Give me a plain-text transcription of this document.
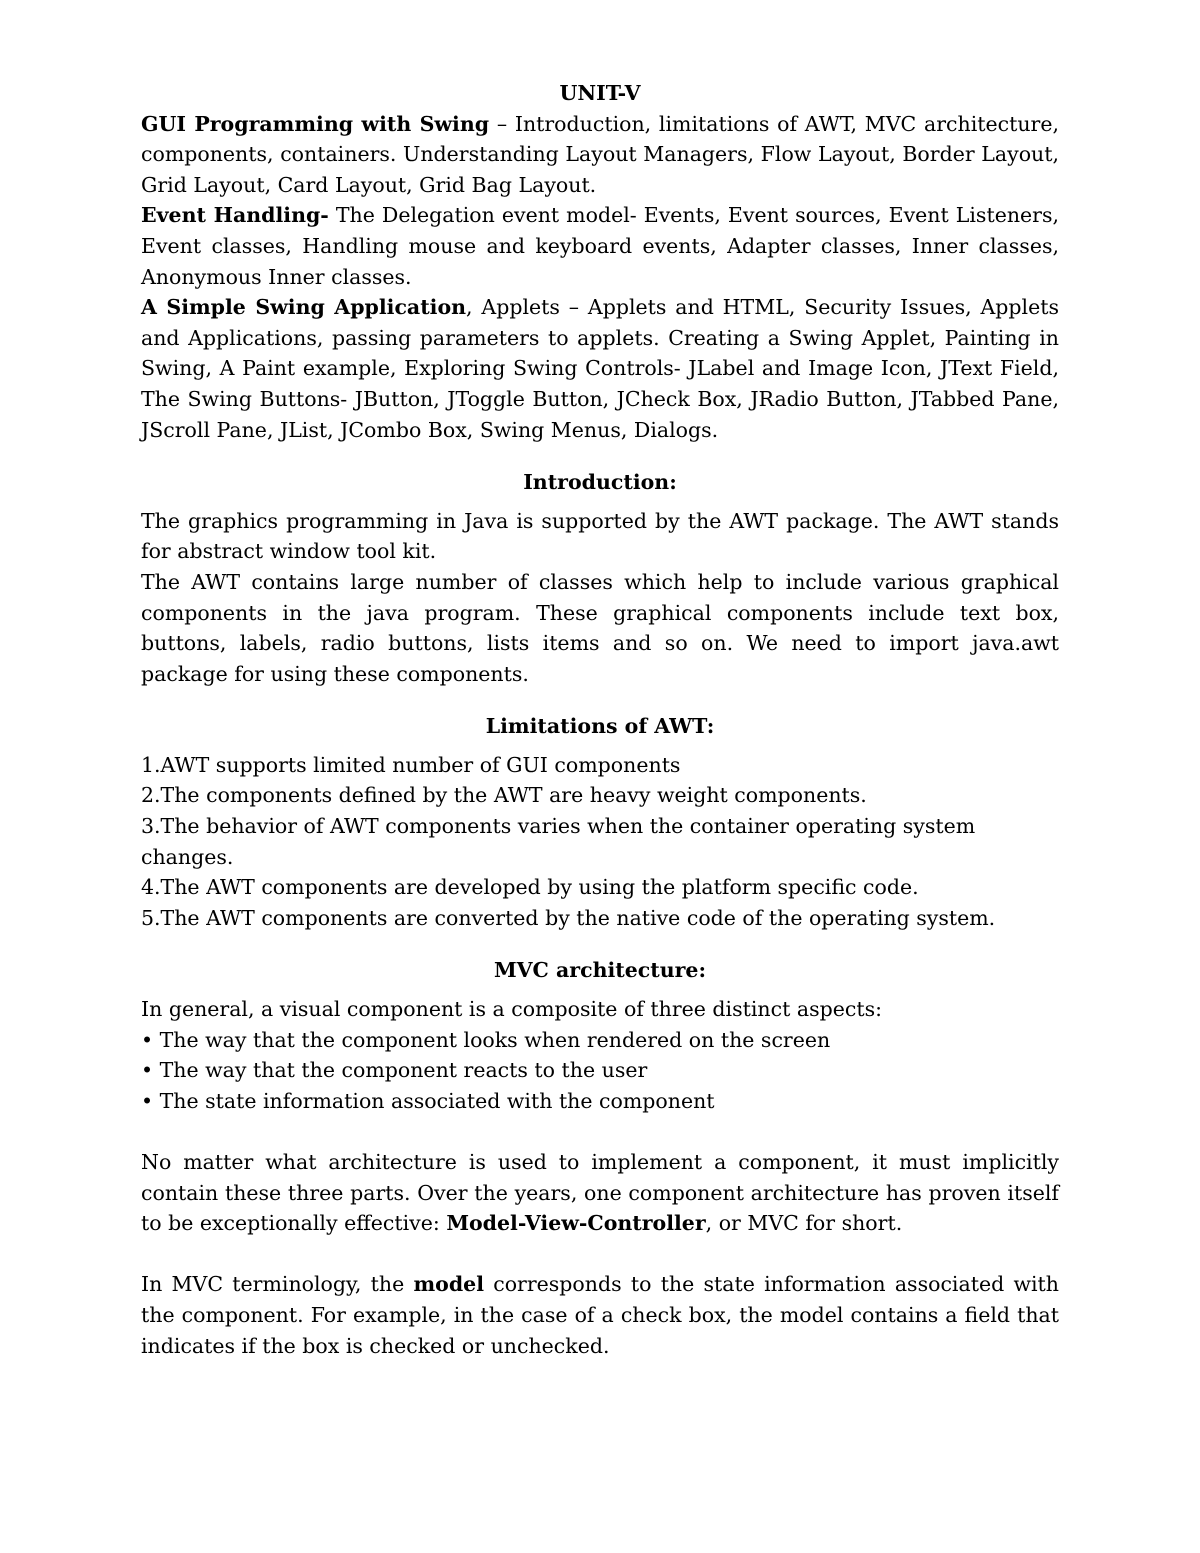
UNIT-V

GUI Programming with Swing – Introduction, limitations of AWT, MVC architecture, components, containers. Understanding Layout Managers, Flow Layout, Border Layout, Grid Layout, Card Layout, Grid Bag Layout.

Event Handling- The Delegation event model- Events, Event sources, Event Listeners, Event classes, Handling mouse and keyboard events, Adapter classes, Inner classes, Anonymous Inner classes.

A Simple Swing Application, Applets – Applets and HTML, Security Issues, Applets and Applications, passing parameters to applets. Creating a Swing Applet, Painting in Swing, A Paint example, Exploring Swing Controls- JLabel and Image Icon, JText Field, The Swing Buttons- JButton, JToggle Button, JCheck Box, JRadio Button, JTabbed Pane, JScroll Pane, JList, JCombo Box, Swing Menus, Dialogs.

Introduction:

The graphics programming in Java is supported by the AWT package. The AWT stands for abstract window tool kit.

The AWT contains large number of classes which help to include various graphical components in the java program. These graphical components include text box, buttons, labels, radio buttons, lists items and so on. We need to import java.awt package for using these components.

Limitations of AWT:

1.AWT supports limited number of GUI components

2.The components defined by the AWT are heavy weight components.

3.The behavior of AWT components varies when the container operating system changes.

4.The AWT components are developed by using the platform specific code.

5.The AWT components are converted by the native code of the operating system.

MVC architecture:

In general, a visual component is a composite of three distinct aspects:

• The way that the component looks when rendered on the screen

• The way that the component reacts to the user

• The state information associated with the component

No matter what architecture is used to implement a component, it must implicitly contain these three parts. Over the years, one component architecture has proven itself to be exceptionally effective: Model-View-Controller, or MVC for short.

In MVC terminology, the model corresponds to the state information associated with the component. For example, in the case of a check box, the model contains a field that indicates if the box is checked or unchecked.
